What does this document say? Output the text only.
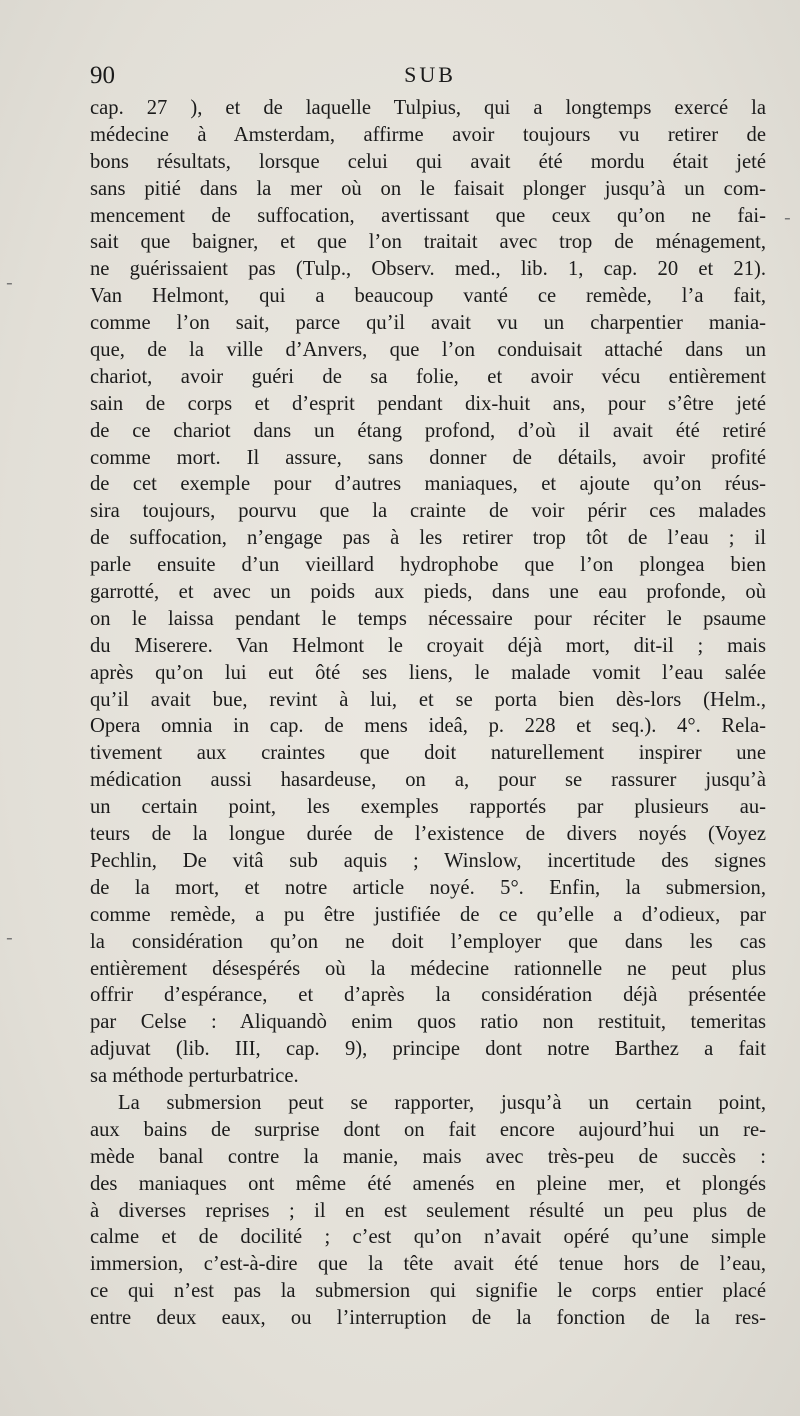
90	SUB
cap. 27 ), et de laquelle Tulpius, qui a longtemps exercé la
médecine à Amsterdam, affirme avoir toujours vu retirer de
bons résultats, lorsque celui qui avait été mordu était jeté
sans pitié dans la mer où on le faisait plonger jusqu’à un com-
mencement de suffocation, avertissant que ceux qu’on ne fai-
sait que baigner, et que l’on traitait avec trop de ménagement,
ne guérissaient pas (Tulp., Observ. med., lib. 1, cap. 20 et 21).
Van Helmont, qui a beaucoup vanté ce remède, l’a fait,
comme l’on sait, parce qu’il avait vu un charpentier mania-
que, de la ville d’Anvers, que l’on conduisait attaché dans un
chariot, avoir guéri de sa folie, et avoir vécu entièrement
sain de corps et d’esprit pendant dix-huit ans, pour s’être jeté
de ce chariot dans un étang profond, d’où il avait été retiré
comme mort. Il assure, sans donner de détails, avoir profité
de cet exemple pour d’autres maniaques, et ajoute qu’on réus-
sira toujours, pourvu que la crainte de voir périr ces malades
de suffocation, n’engage pas à les retirer trop tôt de l’eau ; il
parle ensuite d’un vieillard hydrophobe que l’on plongea bien
garrotté, et avec un poids aux pieds, dans une eau profonde, où
on le laissa pendant le temps nécessaire pour réciter le psaume
du Miserere. Van Helmont le croyait déjà mort, dit-il ; mais
après qu’on lui eut ôté ses liens, le malade vomit l’eau salée
qu’il avait bue, revint à lui, et se porta bien dès-lors (Helm.,
Opera omnia in cap. de mens ideâ, p. 228 et seq.). 4°. Rela-
tivement aux craintes que doit naturellement inspirer une
médication aussi hasardeuse, on a, pour se rassurer jusqu’à
un certain point, les exemples rapportés par plusieurs au-
teurs de la longue durée de l’existence de divers noyés (Voyez
Pechlin, De vitâ sub aquis ; Winslow, incertitude des signes
de la mort, et notre article noyé. 5°. Enfin, la submersion,
comme remède, a pu être justifiée de ce qu’elle a d’odieux, par
la considération qu’on ne doit l’employer que dans les cas
entièrement désespérés où la médecine rationnelle ne peut plus
offrir d’espérance, et d’après la considération déjà présentée
par Celse : Aliquandò enim quos ratio non restituit, temeritas
adjuvat (lib. III, cap. 9), principe dont notre Barthez a fait
sa méthode perturbatrice.
La submersion peut se rapporter, jusqu’à un certain point,
aux bains de surprise dont on fait encore aujourd’hui un re-
mède banal contre la manie, mais avec très-peu de succès :
des maniaques ont même été amenés en pleine mer, et plongés
à diverses reprises ; il en est seulement résulté un peu plus de
calme et de docilité ; c’est qu’on n’avait opéré qu’une simple
immersion, c’est-à-dire que la tête avait été tenue hors de l’eau,
ce qui n’est pas la submersion qui signifie le corps entier placé
entre deux eaux, ou l’interruption de la fonction de la res-
-
-
-
